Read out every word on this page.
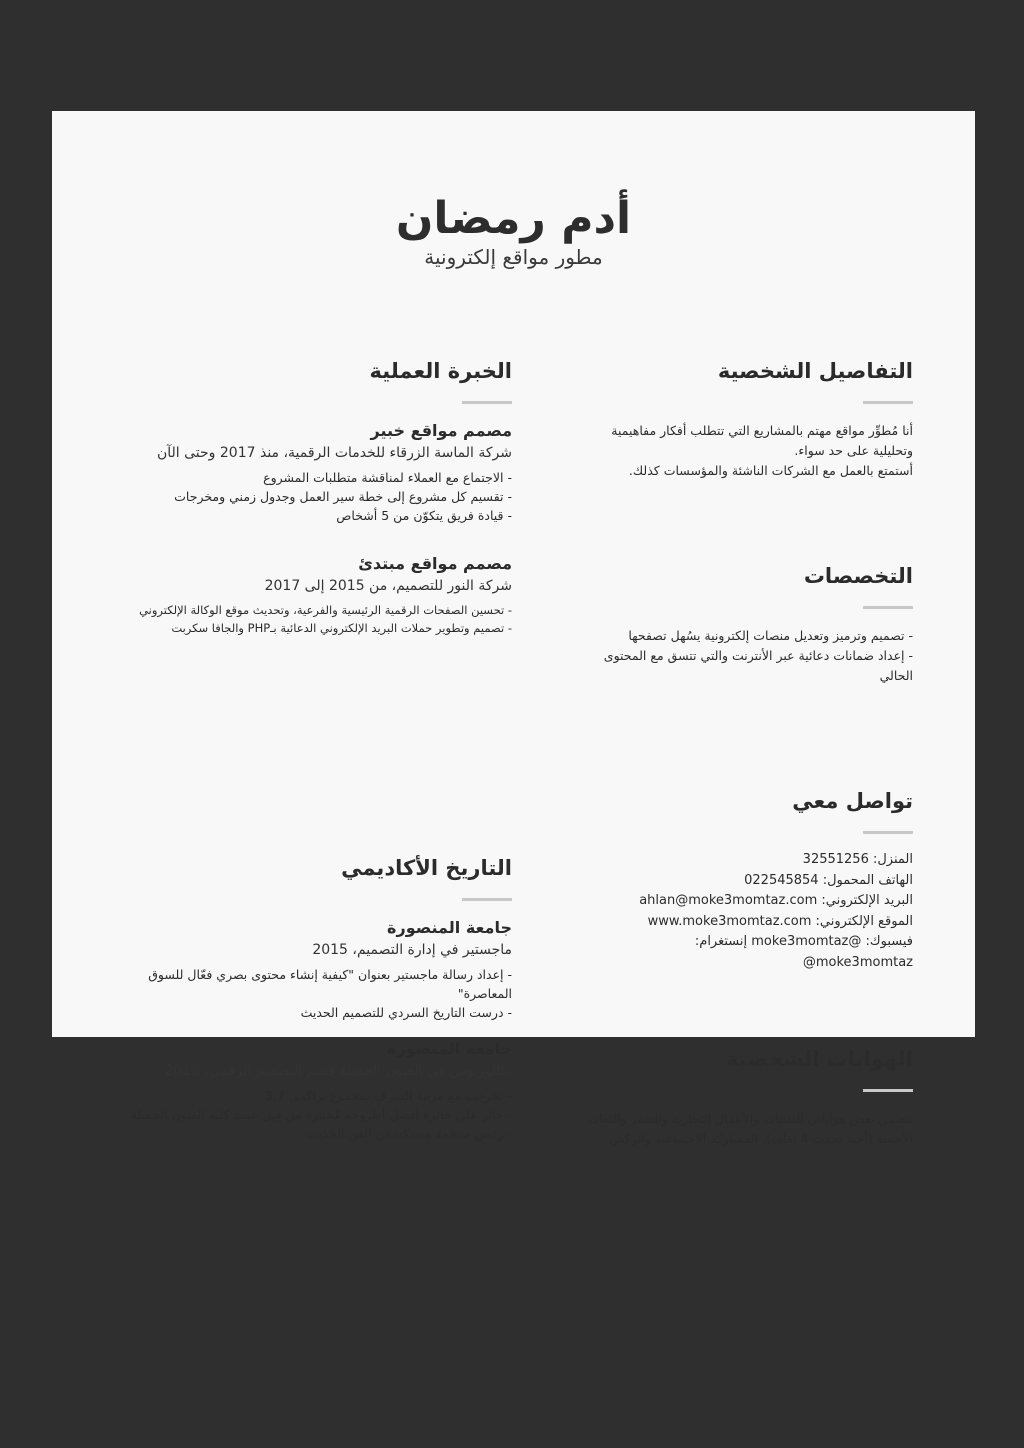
أدم رمضان
مطور مواقع إلكترونية
التفاصيل الشخصية
أنا مُطوِّر مواقع مهتم بالمشاريع التي تتطلب أفكار مفاهيمية
وتحليلية على حد سواء.
أستمتع بالعمل مع الشركات الناشئة والمؤسسات كذلك.
التخصصات
- تصميم وترميز وتعديل منصات إلكترونية يسُهل تصفحها
- إعداد ضمانات دعائية عبر الأنترنت والتي تتسق مع المحتوى
الحالي
تواصل معي
المنزل: 32551256
الهاتف المحمول: 022545854
البريد الإلكتروني: ahlan@moke3momtaz.com
الموقع الإلكتروني: www.moke3momtaz.com
فيسبوك: @moke3momtaz إنستغرام:
@moke3momtaz
الهوايات الشخصية
تتضمن بعض هواياتي التقنيات والأعمال التجارية والسفر واللغات
الأجنبية (أجيد تحدث 4 لغات)، المشاركة الاجتماعية والركض
الخبرة العملية
مصمم مواقع خبير
شركة الماسة الزرقاء للخدمات الرقمية، منذ 2017 وحتى الآن
- الاجتماع مع العملاء لمناقشة متطلبات المشروع
- تقسيم كل مشروع إلى خطة سير العمل وجدول زمني ومخرجات
- قيادة فريق يتكوّن من 5 أشخاص
مصمم مواقع مبتدئ
شركة النور للتصميم، من 2015 إلى 2017
- تحسين الصفحات الرقمية الرئيسية والفرعية، وتحديث موقع الوكالة الإلكتروني
- تصميم وتطوير حملات البريد الإلكتروني الدعائية بـPHP والجافا سكربت
التاريخ الأكاديمي
جامعة المنصورة
ماجستير في إدارة التصميم، 2015
- إعداد رسالة ماجستير بعنوان "كيفية إنشاء محتوى بصري فعّال للسوق
المعاصرة"
- درست التاريخ السردي للتصميم الحديث
جامعة المنصورة
بكالوريوس في الفنون الجميلة قسم التصميم الرقمي، 2013
- تخرجت مع مرتبة الشرف بمجموع تراكمي 3,7
- حائز على جائزة أفضل أطروحة مُختارة من قِبل عميد كلية الفنون الجميلة
- رئيس منظمة مستكشفي الفن الحديث
